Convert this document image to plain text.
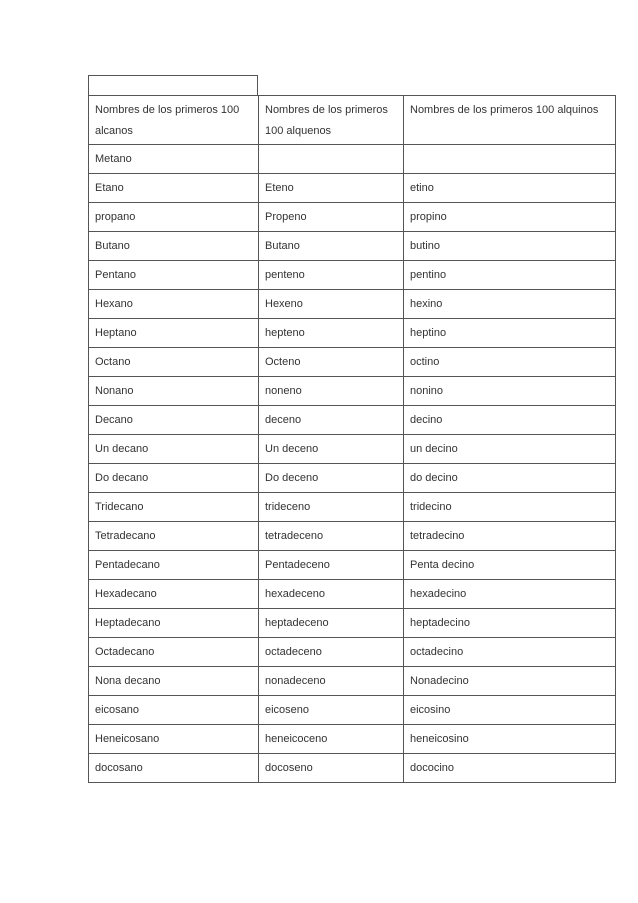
Nombres de los primeros 100 alcanos	Nombres de los primeros 100 alquenos	Nombres de los primeros 100 alquinos
Metano		
Etano	Eteno	etino
propano	Propeno	propino
Butano	Butano	butino
Pentano	penteno	pentino
Hexano	Hexeno	hexino
Heptano	hepteno	heptino
Octano	Octeno	octino
Nonano	noneno	nonino
Decano	deceno	decino
Un decano	Un deceno	un decino
Do decano	Do deceno	do decino
Tridecano	trideceno	tridecino
Tetradecano	tetradeceno	tetradecino
Pentadecano	Pentadeceno	Penta decino
Hexadecano	hexadeceno	hexadecino
Heptadecano	heptadeceno	heptadecino
Octadecano	octadeceno	octadecino
Nona decano	nonadeceno	Nonadecino
eicosano	eicoseno	eicosino
Heneicosano	heneicoceno	heneicosino
docosano	docoseno	dococino
